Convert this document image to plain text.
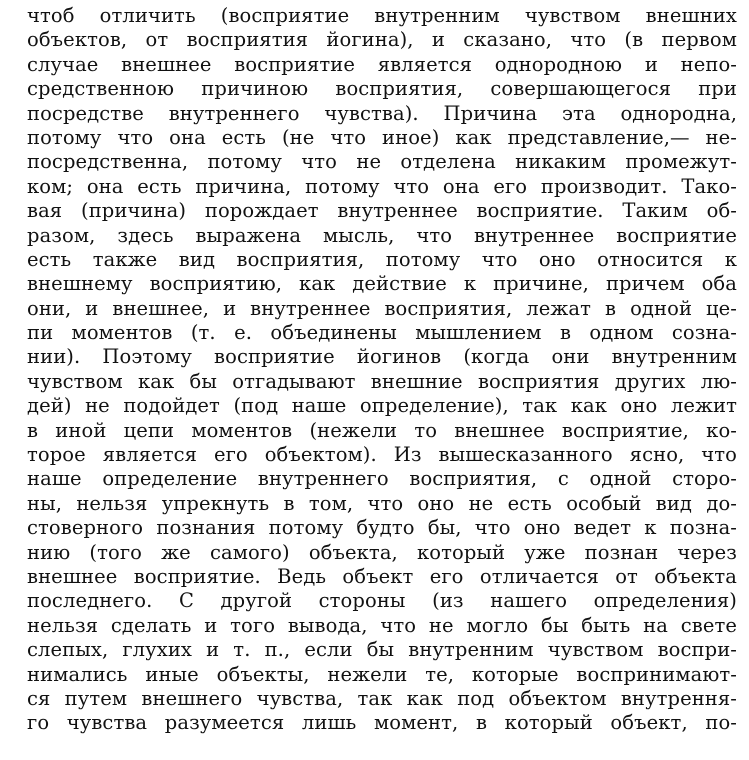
чтоб отличить (восприятие внутренним чувством внешних
объектов, от восприятия йогина), и сказано, что (в первом
случае внешнее восприятие является однородною и непо-
средственною причиною восприятия, совершающегося при
посредстве внутреннего чувства). Причина эта однородна,
потому что она есть (не что иное) как представление,— не-
посредственна, потому что не отделена никаким промежут-
ком; она есть причина, потому что она его производит. Тако-
вая (причина) порождает внутреннее восприятие. Таким об-
разом, здесь выражена мысль, что внутреннее восприятие
есть также вид восприятия, потому что оно относится к
внешнему восприятию, как действие к причине, причем оба
они, и внешнее, и внутреннее восприятия, лежат в одной це-
пи моментов (т. е. объединены мышлением в одном созна-
нии). Поэтому восприятие йогинов (когда они внутренним
чувством как бы отгадывают внешние восприятия других лю-
дей) не подойдет (под наше определение), так как оно лежит
в иной цепи моментов (нежели то внешнее восприятие, ко-
торое является его объектом). Из вышесказанного ясно, что
наше определение внутреннего восприятия, с одной сторо-
ны, нельзя упрекнуть в том, что оно не есть особый вид до-
стоверного познания потому будто бы, что оно ведет к позна-
нию (того же самого) объекта, который уже познан через
внешнее восприятие. Ведь объект его отличается от объекта
последнего. С другой стороны (из нашего определения)
нельзя сделать и того вывода, что не могло бы быть на свете
слепых, глухих и т. п., если бы внутренним чувством воспри-
нимались иные объекты, нежели те, которые воспринимают-
ся путем внешнего чувства, так как под объектом внутрення-
го чувства разумеется лишь момент, в который объект, по-
